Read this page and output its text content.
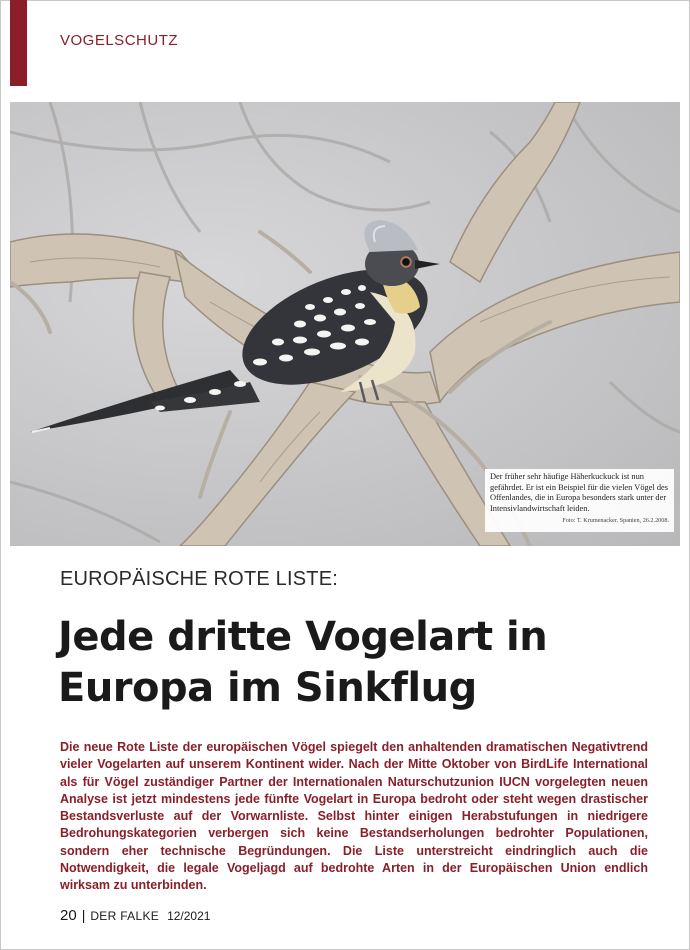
VOGELSCHUTZ
Der früher sehr häufige Häherkuckuck ist nun gefährdet. Er ist ein Beispiel für die vielen Vögel des Offenlandes, die in Europa besonders stark unter der Intensivlandwirtschaft leiden.
Foto: T. Krumenacker. Spanien, 26.2.2008.
EUROPÄISCHE ROTE LISTE:
Jede dritte Vogelart in
Europa im Sinkflug
Die neue Rote Liste der europäischen Vögel spiegelt den anhaltenden dramatischen Negativtrend vieler Vogelarten auf unserem Kontinent wider. Nach der Mitte Oktober von BirdLife International als für Vögel zuständiger Partner der Internationalen Naturschutzunion IUCN vorgelegten neuen Analyse ist jetzt mindestens jede fünfte Vogelart in Europa bedroht oder steht wegen drastischer Bestandsverluste auf der Vorwarnliste. Selbst hinter einigen Herabstufungen in niedrigere Bedrohungskategorien verbergen sich keine Bestandserholungen bedrohter Populationen, sondern eher technische Begründungen. Die Liste unterstreicht eindringlich auch die Notwendigkeit, die legale Vogeljagd auf bedrohte Arten in der Europäischen Union endlich wirksam zu unterbinden.
20 | DER FALKE 12/2021
